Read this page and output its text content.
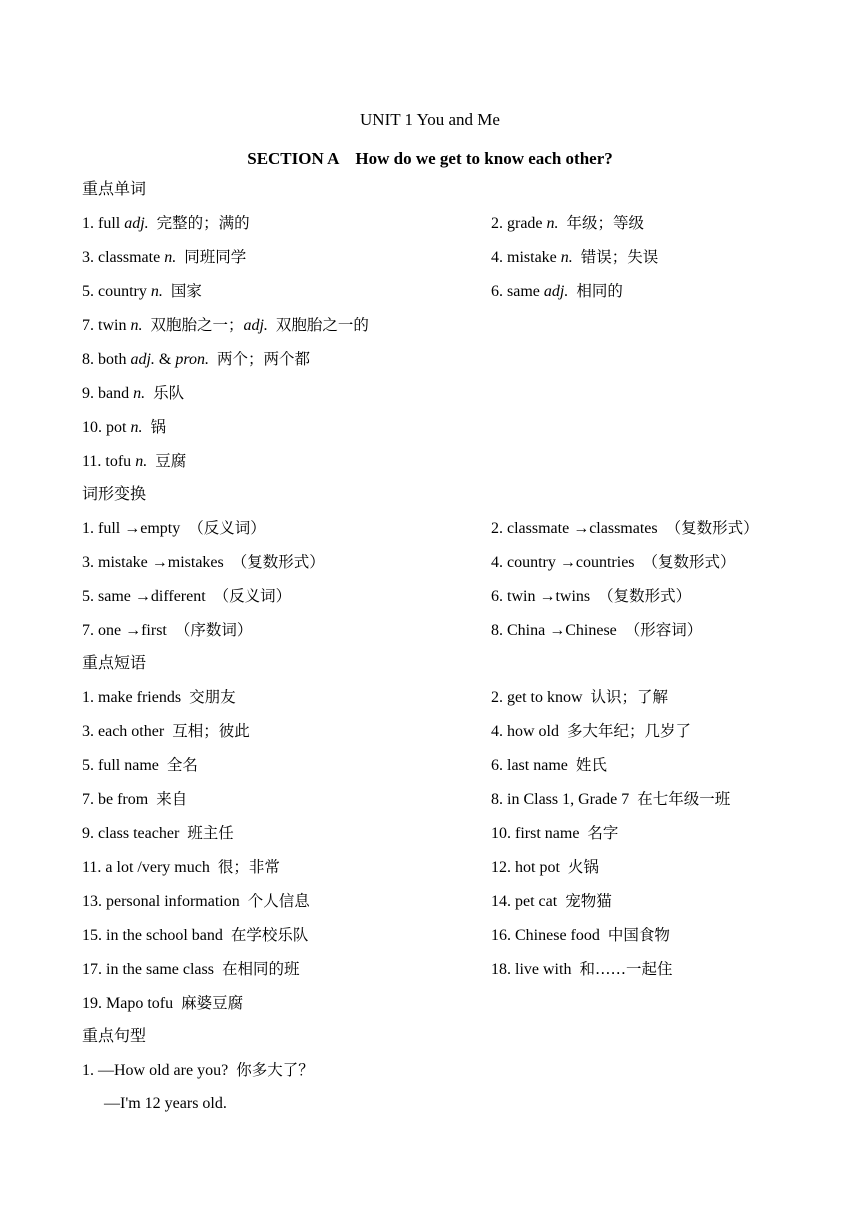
UNIT 1 You and Me
SECTION A　How do we get to know each other?
重点单词
1. full adj. 完整的；满的	2. grade n. 年级；等级
3. classmate n. 同班同学	4. mistake n. 错误；失误
5. country n. 国家	6. same adj. 相同的
7. twin n. 双胞胎之一；adj. 双胞胎之一的
8. both adj. & pron. 两个；两个都
9. band n. 乐队
10. pot n. 锅
11. tofu n. 豆腐
词形变换
1. full →empty （反义词）	2. classmate →classmates （复数形式）
3. mistake →mistakes （复数形式）	4. country →countries （复数形式）
5. same →different （反义词）	6. twin →twins （复数形式）
7. one →first （序数词）	8. China →Chinese （形容词）
重点短语
1. make friends 交朋友	2. get to know 认识；了解
3. each other 互相；彼此	4. how old 多大年纪；几岁了
5. full name 全名	6. last name 姓氏
7. be from 来自	8. in Class 1, Grade 7 在七年级一班
9. class teacher 班主任	10. first name 名字
11. a lot /very much 很；非常	12. hot pot 火锅
13. personal information 个人信息	14. pet cat 宠物猫
15. in the school band 在学校乐队	16. Chinese food 中国食物
17. in the same class 在相同的班	18. live with 和……一起住
19. Mapo tofu 麻婆豆腐
重点句型
1. —How old are you? 你多大了？
—I'm 12 years old.
